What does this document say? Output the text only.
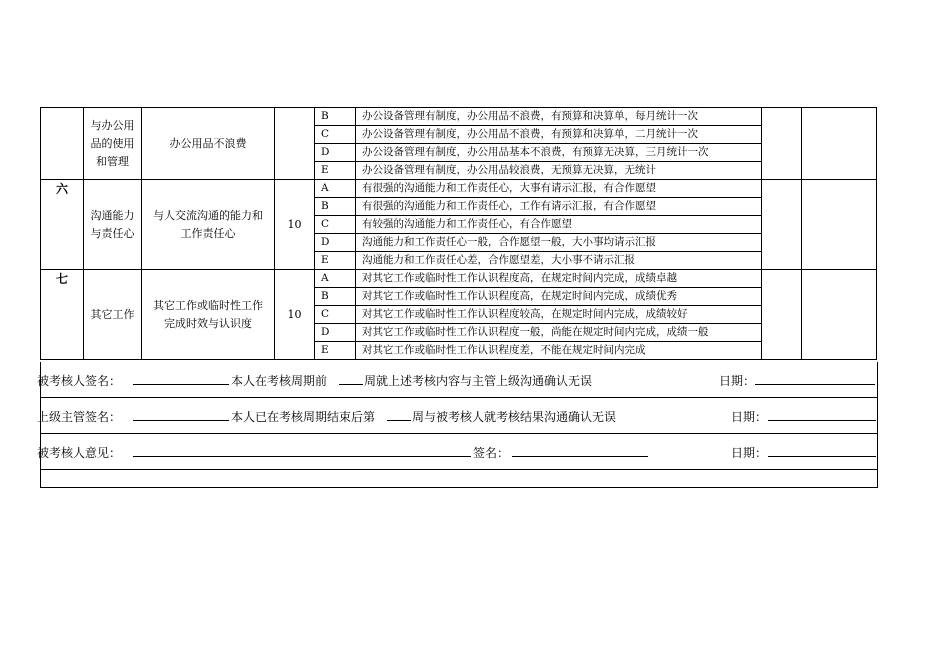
	与办公用品的使用和管理	办公用品不浪费		B	办公设备管理有制度，办公用品不浪费，有预算和决算单，每月统计一次		
				C	办公设备管理有制度，办公用品不浪费，有预算和决算单，二月统计一次		
				D	办公设备管理有制度，办公用品基本不浪费，有预算无决算，三月统计一次		
				E	办公设备管理有制度，办公用品较浪费，无预算无决算，无统计		
六	沟通能力与责任心	与人交流沟通的能力和工作责任心	10	A	有很强的沟通能力和工作责任心，大事有请示汇报，有合作愿望		
				B	有很强的沟通能力和工作责任心，工作有请示汇报，有合作愿望		
				C	有较强的沟通能力和工作责任心，有合作愿望		
				D	沟通能力和工作责任心一般，合作愿望一般，大小事均请示汇报		
				E	沟通能力和工作责任心差，合作愿望差，大小事不请示汇报		
七	其它工作	其它工作或临时性工作完成时效与认识度	10	A	对其它工作或临时性工作认识程度高，在规定时间内完成，成绩卓越		
				B	对其它工作或临时性工作认识程度高，在规定时间内完成，成绩优秀		
				C	对其它工作或临时性工作认识程度较高，在规定时间内完成，成绩较好		
				D	对其它工作或临时性工作认识程度一般，尚能在规定时间内完成，成绩一般		
				E	对其它工作或临时性工作认识程度差，不能在规定时间内完成		
被考核人签名：	本人在考核周期前	周就上述考核内容与主管上级沟通确认无误	日期：
上级主管签名：	本人已在考核周期结束后第	周与被考核人就考核结果沟通确认无误	日期：
被考核人意见：	签名：	日期：
